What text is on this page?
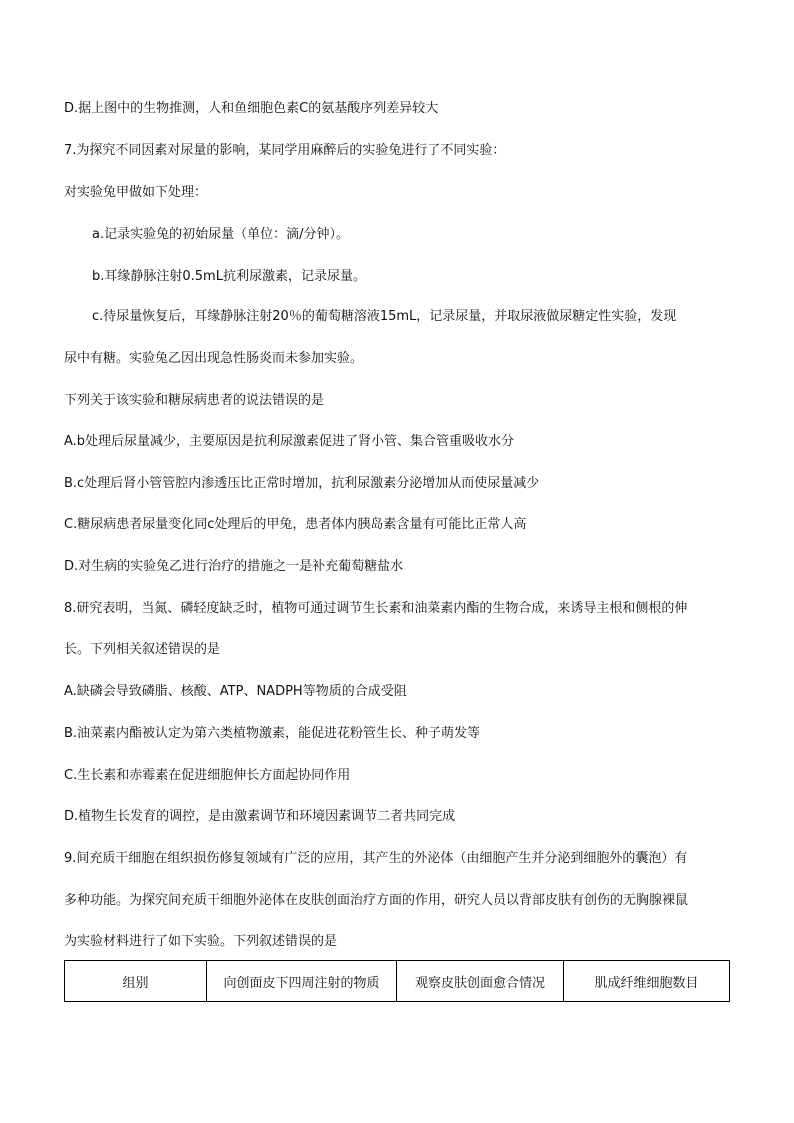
D.据上图中的生物推测，人和鱼细胞色素C的氨基酸序列差异较大
7.为探究不同因素对尿量的影响，某同学用麻醉后的实验兔进行了不同实验：
对实验兔甲做如下处理：
a.记录实验兔的初始尿量（单位：滴/分钟）。
b.耳缘静脉注射0.5mL抗利尿激素，记录尿量。
c.待尿量恢复后，耳缘静脉注射20％的葡萄糖溶液15mL，记录尿量，并取尿液做尿糖定性实验，发现
尿中有糖。实验兔乙因出现急性肠炎而未参加实验。
下列关于该实验和糖尿病患者的说法错误的是
A.b处理后尿量减少，主要原因是抗利尿激素促进了肾小管、集合管重吸收水分
B.c处理后肾小管管腔内渗透压比正常时增加，抗利尿激素分泌增加从而使尿量减少
C.糖尿病患者尿量变化同c处理后的甲兔，患者体内胰岛素含量有可能比正常人高
D.对生病的实验兔乙进行治疗的措施之一是补充葡萄糖盐水
8.研究表明，当氮、磷轻度缺乏时，植物可通过调节生长素和油菜素内酯的生物合成，来诱导主根和侧根的伸
长。下列相关叙述错误的是
A.缺磷会导致磷脂、核酸、ATP、NADPH等物质的合成受阻
B.油菜素内酯被认定为第六类植物激素，能促进花粉管生长、种子萌发等
C.生长素和赤霉素在促进细胞伸长方面起协同作用
D.植物生长发育的调控，是由激素调节和环境因素调节二者共同完成
9.间充质干细胞在组织损伤修复领域有广泛的应用，其产生的外泌体（由细胞产生并分泌到细胞外的囊泡）有
多种功能。为探究间充质干细胞外泌体在皮肤创面治疗方面的作用，研究人员以背部皮肤有创伤的无胸腺裸鼠
为实验材料进行了如下实验。下列叙述错误的是
组别	向创面皮下四周注射的物质	观察皮肤创面愈合情况	肌成纤维细胞数目
